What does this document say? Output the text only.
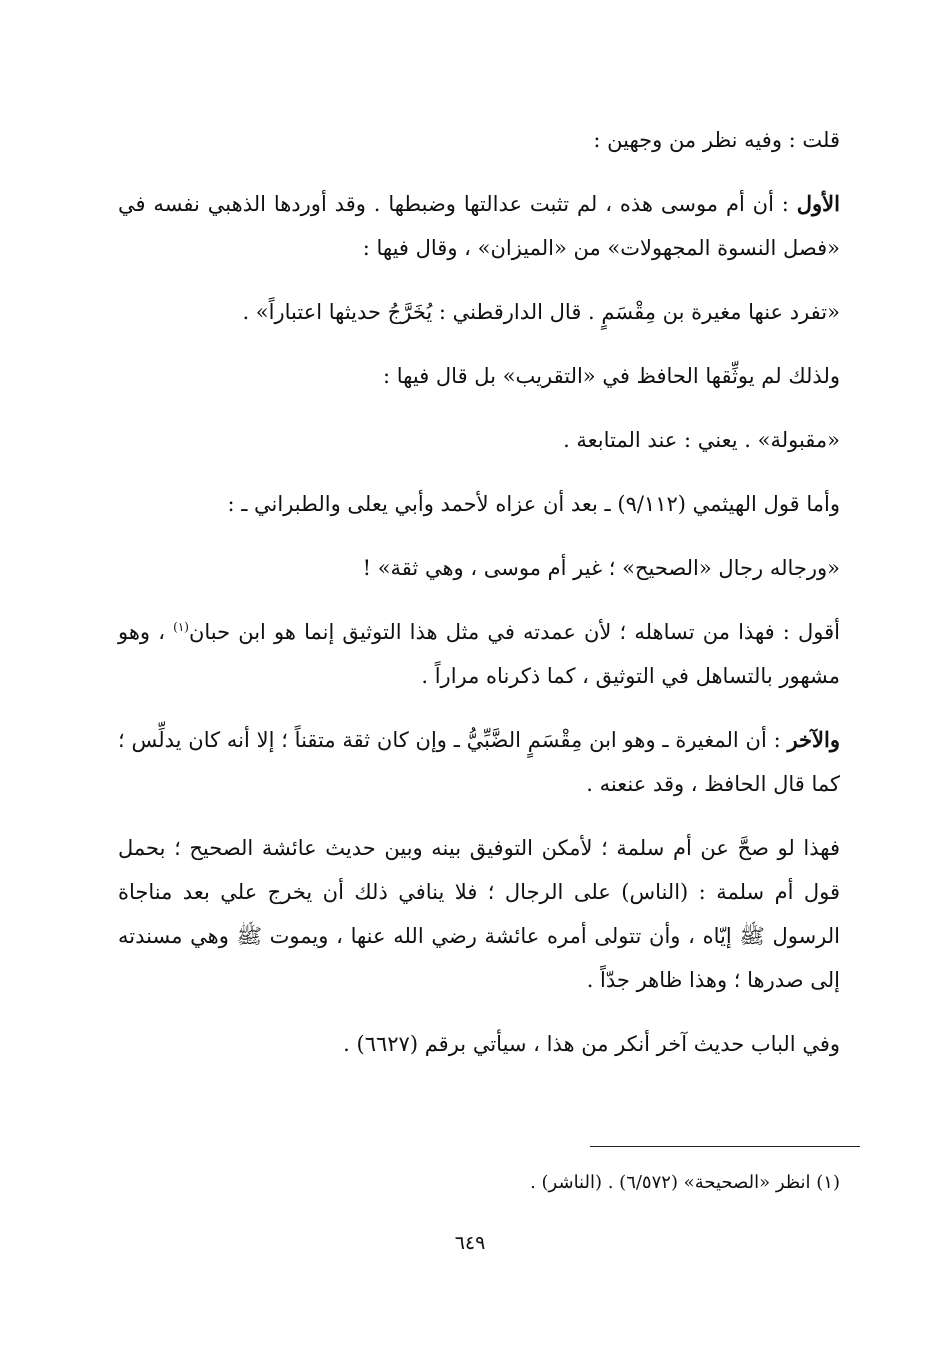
قلت : وفيه نظر من وجهين :

الأول : أن أم موسى هذه ، لم تثبت عدالتها وضبطها . وقد أوردها الذهبي نفسه في «فصل النسوة المجهولات» من «الميزان» ، وقال فيها :

«تفرد عنها مغيرة بن مِقْسَمٍ . قال الدارقطني : يُخَرَّجُ حديثها اعتباراً» .

ولذلك لم يوثِّقها الحافظ في «التقريب» بل قال فيها :

«مقبولة» . يعني : عند المتابعة .

وأما قول الهيثمي (٩/١١٢) ـ بعد أن عزاه لأحمد وأبي يعلى والطبراني ـ :

«ورجاله رجال «الصحيح» ؛ غير أم موسى ، وهي ثقة» !

أقول : فهذا من تساهله ؛ لأن عمدته في مثل هذا التوثيق إنما هو ابن حبان$^{(١)}$ ، وهو مشهور بالتساهل في التوثيق ، كما ذكرناه مراراً .

والآخر : أن المغيرة ـ وهو ابن مِقْسَمٍ الضَّبِّيُّ ـ وإن كان ثقة متقناً ؛ إلا أنه كان يدلِّس ؛ كما قال الحافظ ، وقد عنعنه .

فهذا لو صحَّ عن أم سلمة ؛ لأمكن التوفيق بينه وبين حديث عائشة الصحيح ؛ بحمل قول أم سلمة : (الناس) على الرجال ؛ فلا ينافي ذلك أن يخرج علي بعد مناجاة الرسول ﷺ إيّاه ، وأن تتولى أمره عائشة رضي الله عنها ، ويموت ﷺ وهي مسندته إلى صدرها ؛ وهذا ظاهر جدّاً .

وفي الباب حديث آخر أنكر من هذا ، سيأتي برقم (٦٦٢٧) .

(١) انظر «الصحيحة» (٦/٥٧٢) . (الناشر) .
٦٤٩
